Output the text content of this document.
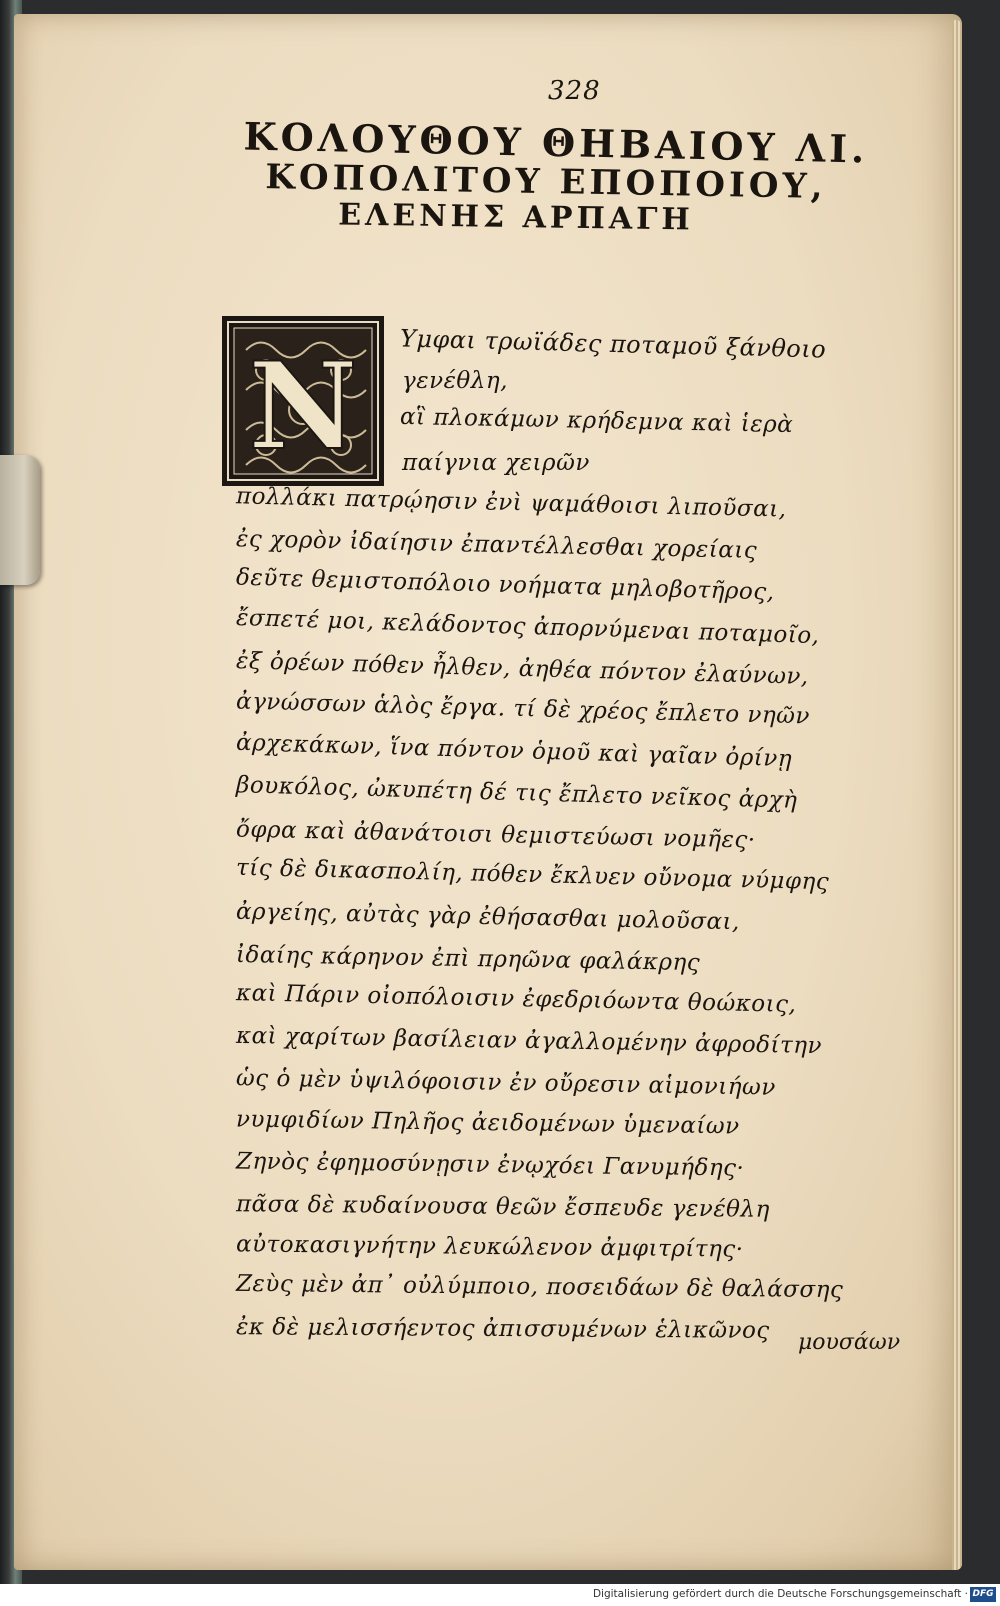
328
ΚΟΛΟΥΘΟΥ ΘΗΒΑΙΟΥ ΛΙ.
ΚΟΠΟΛΙΤΟΥ ΕΠΟΠΟΙΟΥ,
ΕΛΕΝΗΣ ΑΡΠΑΓΗ
N Υμφαι τρωϊάδες ποταμοῦ ξάνθοιο
γενέθλη,
αἳ πλοκάμων κρήδεμνα καὶ ἱερὰ
παίγνια χειρῶν
πολλάκι πατρῴησιν ἐνὶ ψαμάθοισι λιποῦσαι,
ἐς χορὸν ἰδαίησιν ἐπαντέλλεσθαι χορείαις
δεῦτε θεμιστοπόλοιο νοήματα μηλοβοτῆρος,
ἔσπετέ μοι, κελάδοντος ἀπορνύμεναι ποταμοῖο,
ἐξ ὀρέων πόθεν ἦλθεν, ἀηθέα πόντον ἐλαύνων,
ἀγνώσσων ἁλὸς ἔργα. τί δὲ χρέος ἔπλετο νηῶν
ἀρχεκάκων, ἵνα πόντον ὁμοῦ καὶ γαῖαν ὀρίνῃ
βουκόλος, ὠκυπέτη δέ τις ἔπλετο νεῖκος ἀρχὴ
ὄφρα καὶ ἀθανάτοισι θεμιστεύωσι νομῆες·
τίς δὲ δικασπολίη, πόθεν ἔκλυεν οὔνομα νύμφης
ἀργείης, αὐτὰς γὰρ ἐθήσασθαι μολοῦσαι,
ἰδαίης κάρηνον ἐπὶ πρηῶνα φαλάκρης
καὶ Πάριν οἰοπόλοισιν ἐφεδριόωντα θοώκοις,
καὶ χαρίτων βασίλειαν ἀγαλλομένην ἀφροδίτην
ὡς ὁ μὲν ὑψιλόφοισιν ἐν οὔρεσιν αἱμονιήων
νυμφιδίων Πηλῆος ἀειδομένων ὑμεναίων
Ζηνὸς ἐφημοσύνῃσιν ἐνῳχόει Γανυμήδης·
πᾶσα δὲ κυδαίνουσα θεῶν ἔσπευδε γενέθλη
αὐτοκασιγνήτην λευκώλενον ἀμφιτρίτης·
Ζεὺς μὲν ἀπ᾽ οὐλύμποιο, ποσειδάων δὲ θαλάσσης
ἐκ δὲ μελισσήεντος ἀπισσυμένων ἑλικῶνος μουσάων
Digitalisierung gefördert durch die Deutsche Forschungsgemeinschaft · DFG
